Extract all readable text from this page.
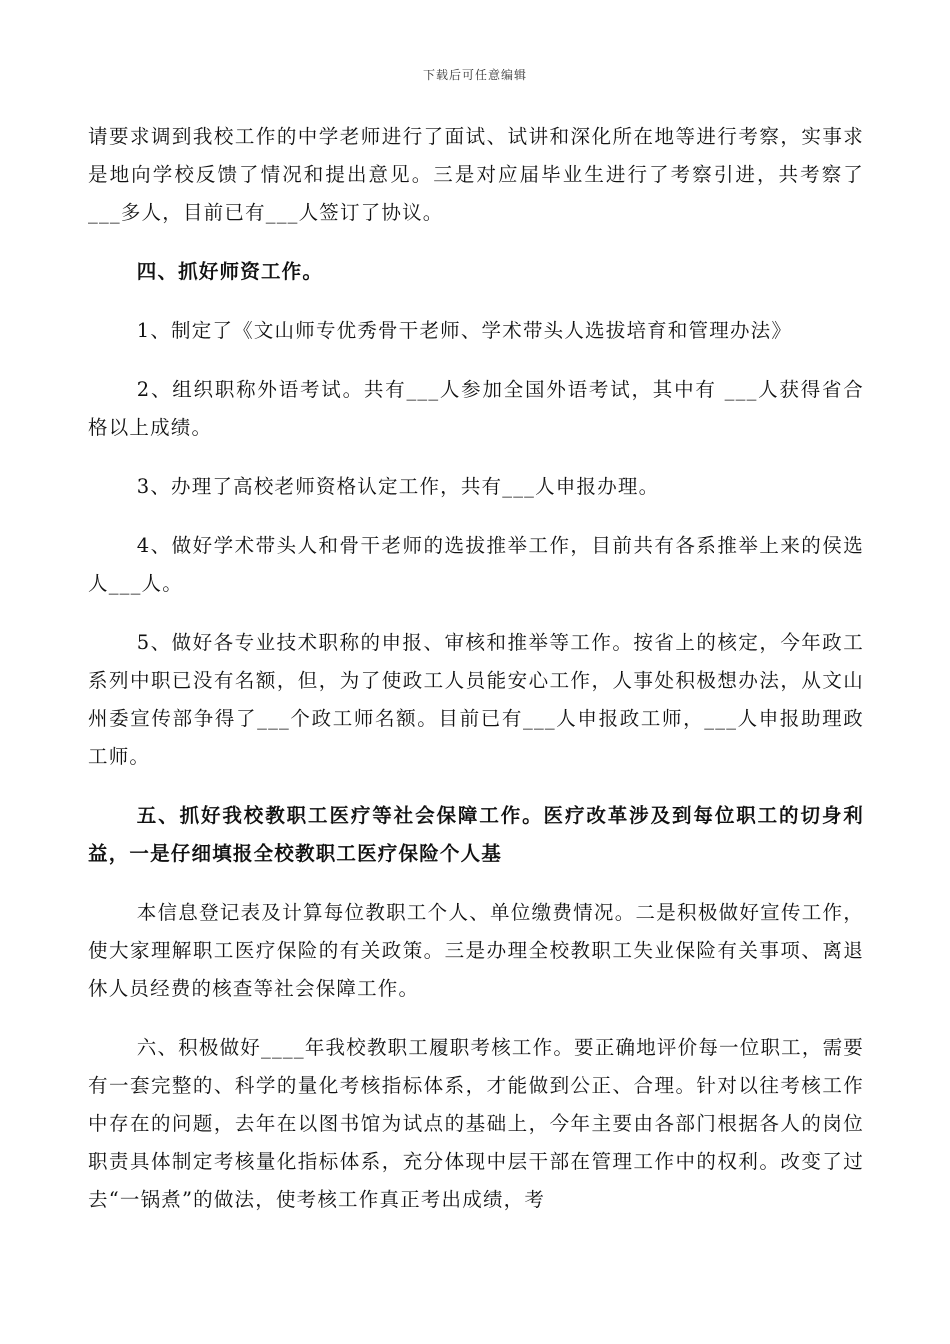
下载后可任意编辑

请要求调到我校工作的中学老师进行了面试、试讲和深化所在地等进行考察，实事求是地向学校反馈了情况和提出意见。三是对应届毕业生进行了考察引进，共考察了___多人，目前已有___人签订了协议。

四、抓好师资工作。

1、制定了《文山师专优秀骨干老师、学术带头人选拔培育和管理办法》

2、组织职称外语考试。共有___人参加全国外语考试，其中有 ___人获得省合格以上成绩。

3、办理了高校老师资格认定工作，共有___人申报办理。

4、做好学术带头人和骨干老师的选拔推举工作，目前共有各系推举上来的侯选人___人。

5、做好各专业技术职称的申报、审核和推举等工作。按省上的核定，今年政工系列中职已没有名额，但，为了使政工人员能安心工作，人事处积极想办法，从文山州委宣传部争得了___个政工师名额。目前已有___人申报政工师，___人申报助理政工师。

五、抓好我校教职工医疗等社会保障工作。医疗改革涉及到每位职工的切身利益，一是仔细填报全校教职工医疗保险个人基

本信息登记表及计算每位教职工个人、单位缴费情况。二是积极做好宣传工作，使大家理解职工医疗保险的有关政策。三是办理全校教职工失业保险有关事项、离退休人员经费的核查等社会保障工作。

六、积极做好____年我校教职工履职考核工作。要正确地评价每一位职工，需要有一套完整的、科学的量化考核指标体系，才能做到公正、合理。针对以往考核工作中存在的问题，去年在以图书馆为试点的基础上，今年主要由各部门根据各人的岗位职责具体制定考核量化指标体系，充分体现中层干部在管理工作中的权利。改变了过去“一锅煮”的做法，使考核工作真正考出成绩，考
